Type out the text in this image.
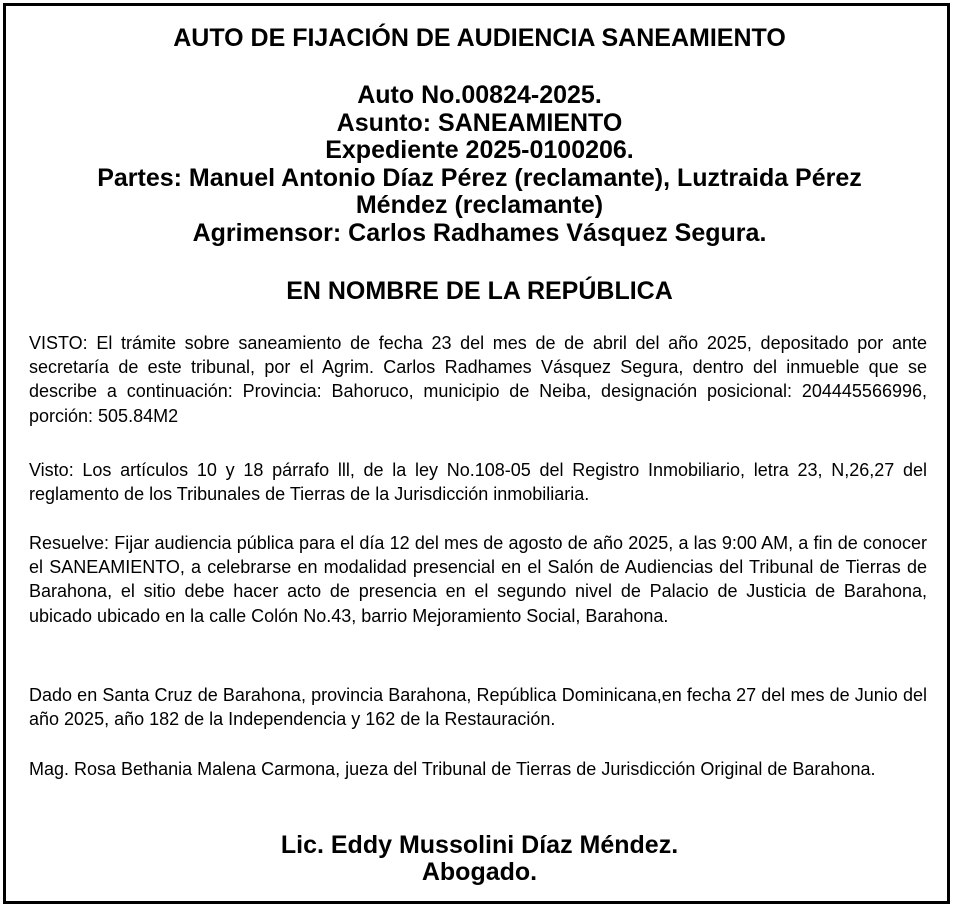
AUTO DE FIJACIÓN DE AUDIENCIA SANEAMIENTO
Auto No.00824-2025.
Asunto: SANEAMIENTO
Expediente 2025-0100206.
Partes: Manuel Antonio Díaz Pérez (reclamante), Luztraida Pérez
Méndez (reclamante)
Agrimensor: Carlos Radhames Vásquez Segura.
EN NOMBRE DE LA REPÚBLICA
VISTO: El trámite sobre saneamiento de fecha 23 del mes de de abril del año 2025, depositado por ante secretaría de este tribunal, por el Agrim. Carlos Radhames Vásquez Segura, dentro del inmueble que se describe a continuación: Provincia: Bahoruco, municipio de Neiba, designación posicional: 204445566996, porción: 505.84M2
Visto: Los artículos 10 y 18 párrafo lll, de la ley No.108-05 del Registro Inmobiliario, letra 23, N,26,27 del reglamento de los Tribunales de Tierras de la Jurisdicción inmobiliaria.
Resuelve: Fijar audiencia pública para el día 12 del mes de agosto de año 2025, a las 9:00 AM, a fin de conocer el SANEAMIENTO, a celebrarse en modalidad presencial en el Salón de Audiencias del Tribunal de Tierras de Barahona, el sitio debe hacer acto de presencia en el segundo nivel de Palacio de Justicia de Barahona, ubicado ubicado en la calle Colón No.43, barrio Mejoramiento Social, Barahona.
Dado en Santa Cruz de Barahona, provincia Barahona, República Dominicana,en fecha 27 del mes de Junio del año 2025, año 182 de la Independencia y 162 de la Restauración.
Mag. Rosa Bethania Malena Carmona, jueza del Tribunal de Tierras de Jurisdicción Original de Barahona.
Lic. Eddy Mussolini Díaz Méndez.
Abogado.
